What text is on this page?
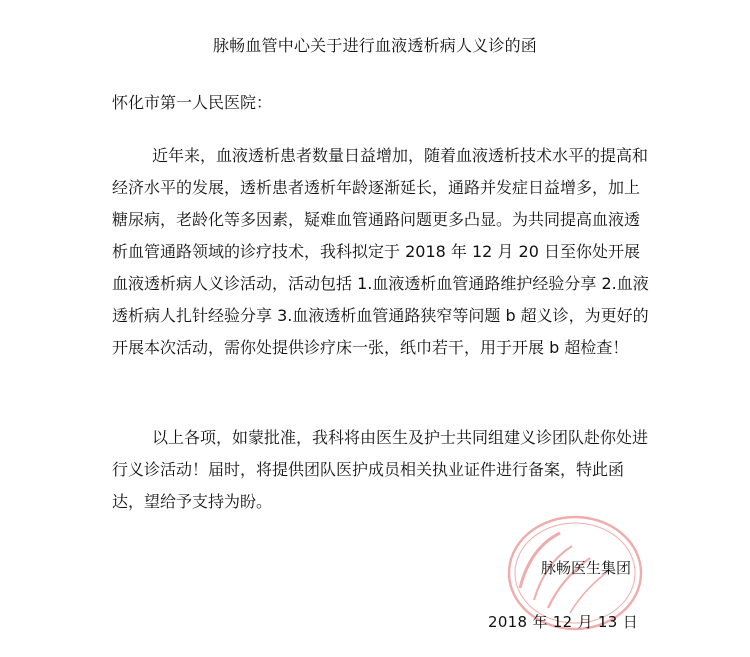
脉畅血管中心关于进行血液透析病人义诊的函
怀化市第一人民医院：

近年来，血液透析患者数量日益增加，随着血液透析技术水平的提高和经济水平的发展，透析患者透析年龄逐渐延长，通路并发症日益增多，加上糖尿病，老龄化等多因素，疑难血管通路问题更多凸显。为共同提高血液透析血管通路领域的诊疗技术，我科拟定于 2018 年 12 月 20 日至你处开展血液透析病人义诊活动，活动包括 1.血液透析血管通路维护经验分享 2.血液透析病人扎针经验分享 3.血液透析血管通路狭窄等问题 b 超义诊，为更好的开展本次活动，需你处提供诊疗床一张，纸巾若干，用于开展 b 超检查！

以上各项，如蒙批准，我科将由医生及护士共同组建义诊团队赴你处进行义诊活动！届时，将提供团队医护成员相关执业证件进行备案，特此函达，望给予支持为盼。

脉畅医生集团
2018 年 12 月 13 日
